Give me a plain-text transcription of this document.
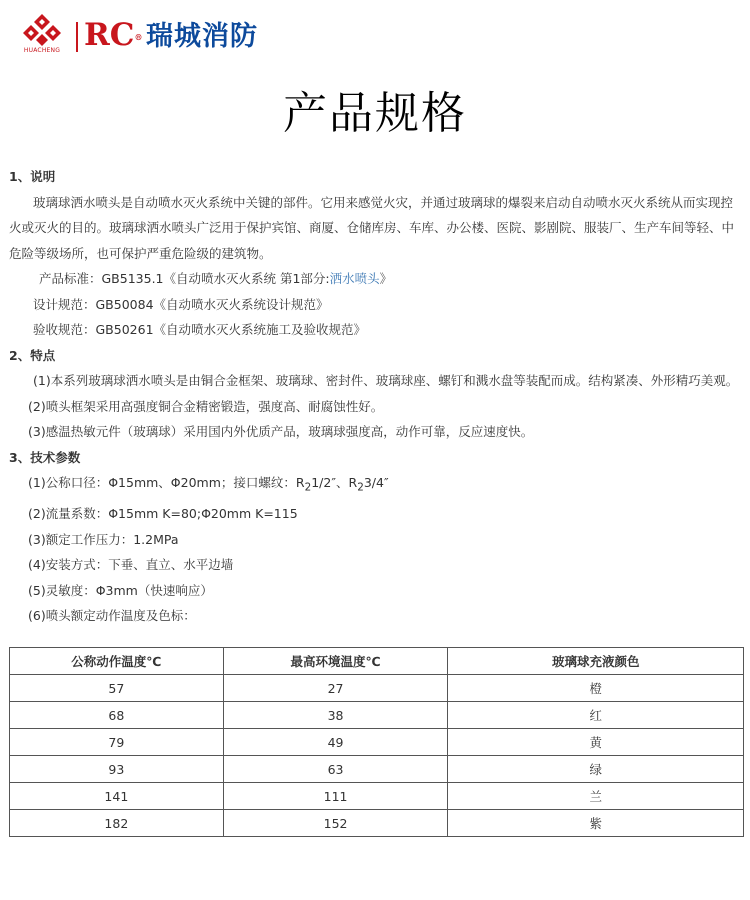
HUACHENG RC® 瑞城消防
产品规格
1、说明
玻璃球洒水喷头是自动喷水灭火系统中关键的部件。它用来感觉火灾，并通过玻璃球的爆裂来启动自动喷水灭火系统从而实现控火或灭火的目的。玻璃球洒水喷头广泛用于保护宾馆、商厦、仓储库房、车库、办公楼、医院、影剧院、服装厂、生产车间等轻、中危险等级场所，也可保护严重危险级的建筑物。
产品标准：GB5135.1《自动喷水灭火系统 第1部分:洒水喷头》
设计规范：GB50084《自动喷水灭火系统设计规范》
验收规范：GB50261《自动喷水灭火系统施工及验收规范》
2、特点
(1)本系列玻璃球洒水喷头是由铜合金框架、玻璃球、密封件、玻璃球座、螺钉和溅水盘等装配而成。结构紧凑、外形精巧美观。
(2)喷头框架采用高强度铜合金精密锻造，强度高、耐腐蚀性好。
(3)感温热敏元件（玻璃球）采用国内外优质产品，玻璃球强度高，动作可靠，反应速度快。
3、技术参数
(1)公称口径：Φ15mm、Φ20mm；接口螺纹：$R_21/2''$、$R_23/4''$
(2)流量系数：Φ15mm K=80;Φ20mm K=115
(3)额定工作压力：1.2MPa
(4)安装方式：下垂、直立、水平边墙
(5)灵敏度：Φ3mm（快速响应）
(6)喷头额定动作温度及色标：
公称动作温度℃	最高环境温度℃	玻璃球充液颜色
57	27	橙
68	38	红
79	49	黄
93	63	绿
141	111	兰
182	152	紫
